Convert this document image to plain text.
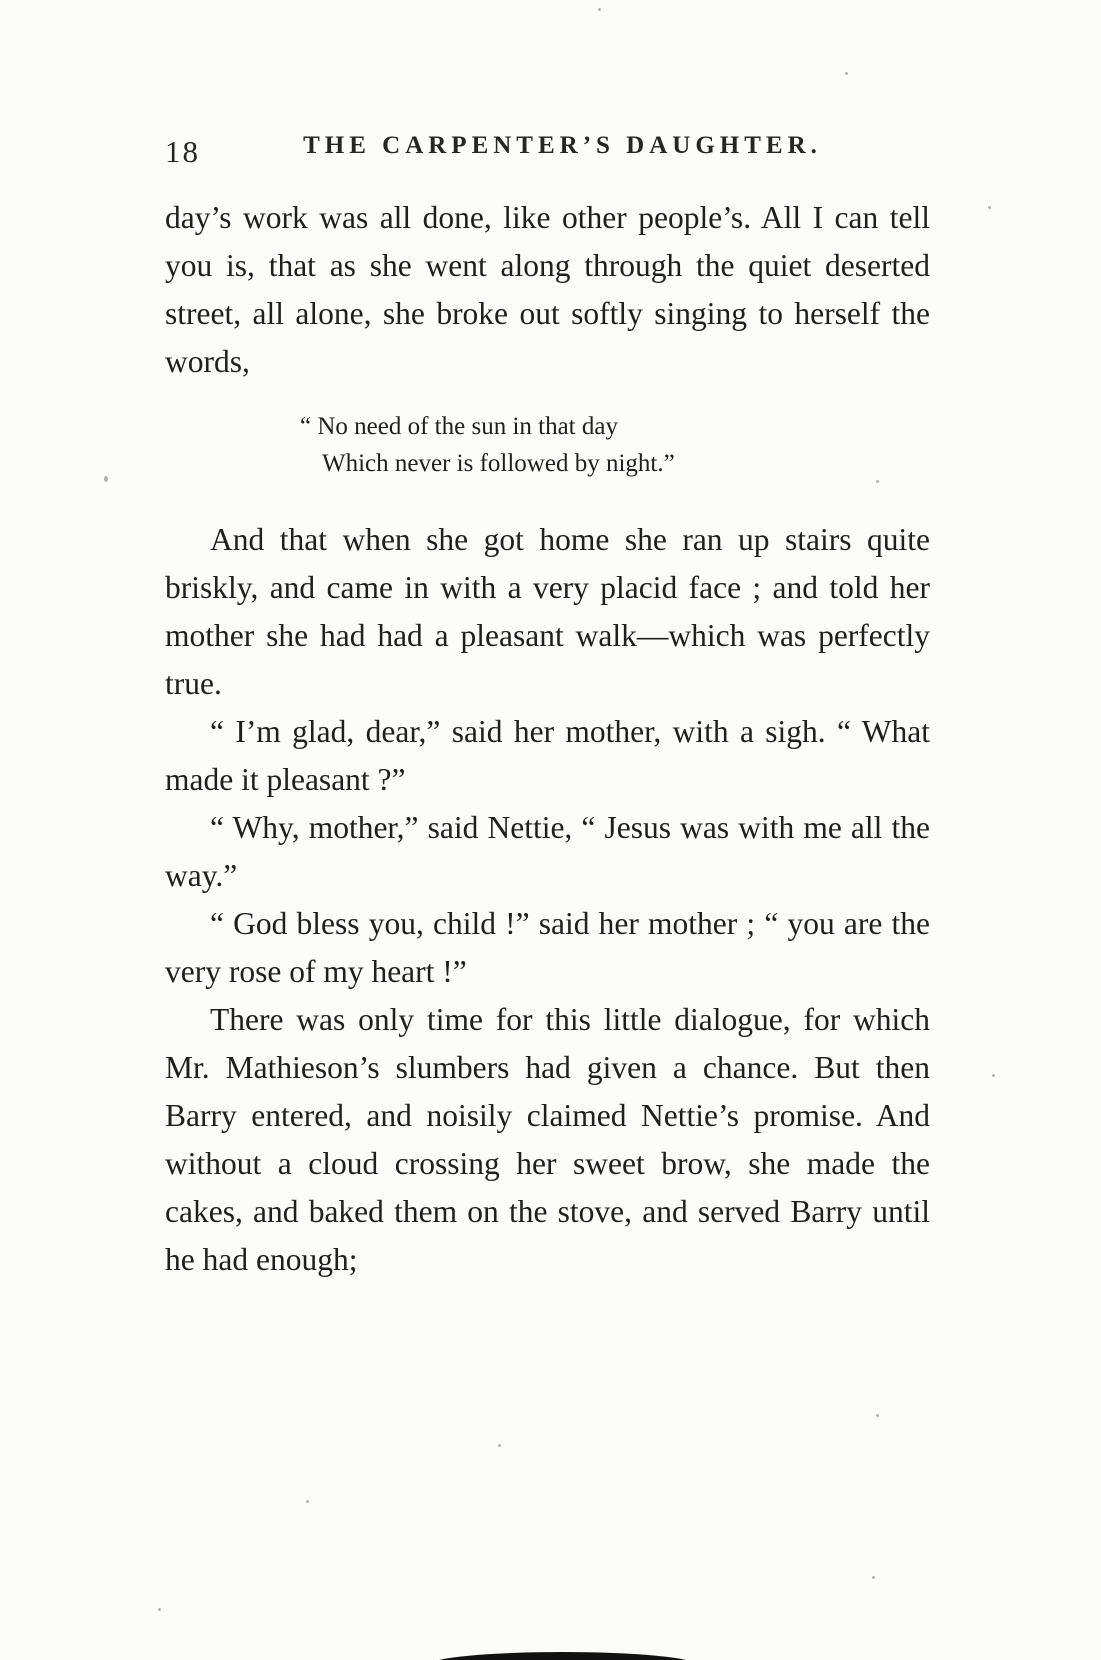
18	THE CARPENTER’S DAUGHTER.

day’s work was all done, like other people’s. All I can tell you is, that as she went along through the quiet deserted street, all alone, she broke out softly singing to herself the words,

“ No need of the sun in that day
Which never is followed by night.”

And that when she got home she ran up stairs quite briskly, and came in with a very placid face ; and told her mother she had had a pleasant walk—which was perfectly true.

“ I’m glad, dear,” said her mother, with a sigh. “ What made it pleasant ?”

“ Why, mother,” said Nettie, “ Jesus was with me all the way.”

“ God bless you, child !” said her mother ; “ you are the very rose of my heart !”

There was only time for this little dialogue, for which Mr. Mathieson’s slumbers had given a chance. But then Barry entered, and noisily claimed Nettie’s promise. And without a cloud crossing her sweet brow, she made the cakes, and baked them on the stove, and served Barry until he had enough;
